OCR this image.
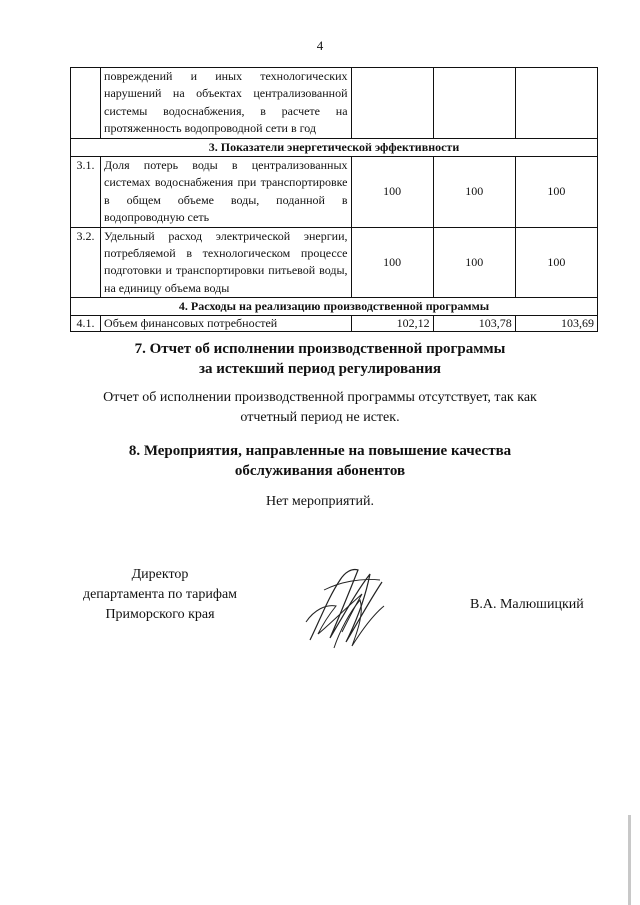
4
	повреждений и иных технологических нарушений на объектах централизованной системы водоснабжения, в расчете на протяженность водопроводной сети в год			
3. Показатели энергетической эффективности				
3.1.	Доля потерь воды в централизованных системах водоснабжения при транспортировке в общем объеме воды, поданной в водопроводную сеть	100	100	100
3.2.	Удельный расход электрической энергии, потребляемой в технологическом процессе подготовки и транспортировки питьевой воды, на единицу объема воды	100	100	100
4. Расходы на реализацию производственной программы				
4.1.	Объем финансовых потребностей	102,12	103,78	103,69
7. Отчет об исполнении производственной программы
за истекший период регулирования
Отчет об исполнении производственной программы отсутствует, так как
отчетный период не истек.
8. Мероприятия, направленные на повышение качества
обслуживания абонентов
Нет мероприятий.
Директор
департамента по тарифам
Приморского края
В.А. Малюшицкий
